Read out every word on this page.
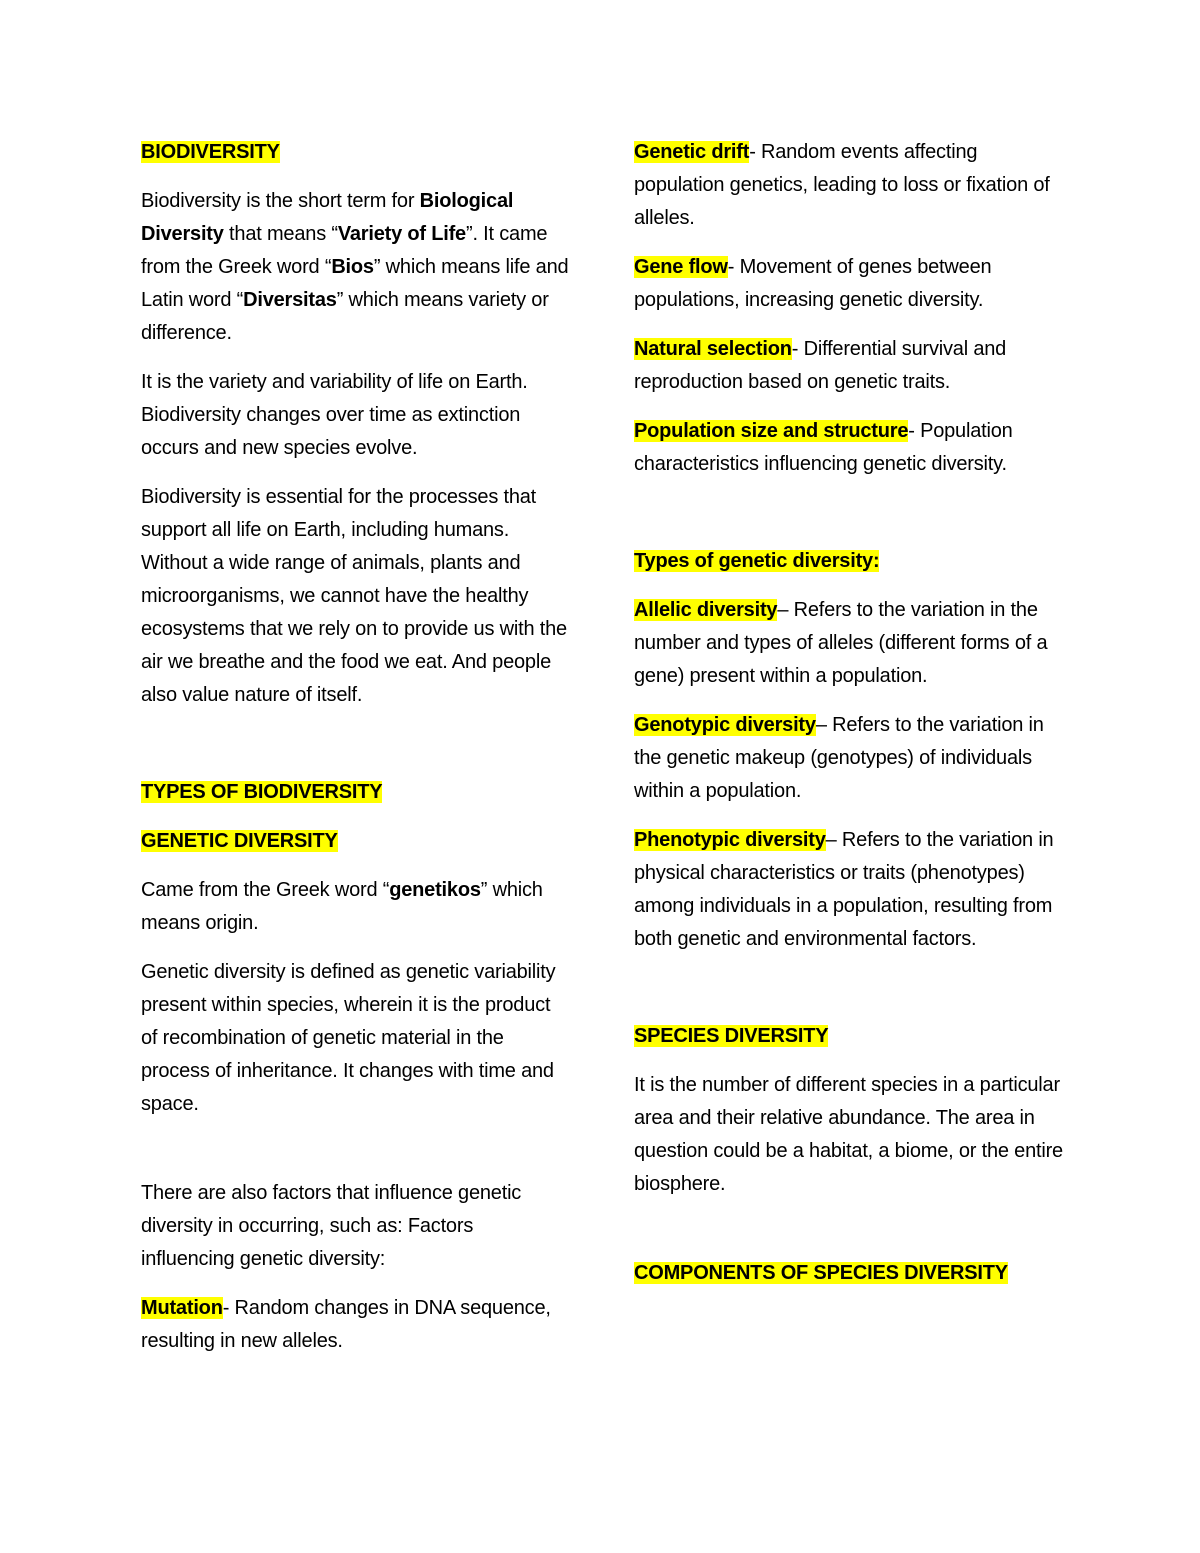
BIODIVERSITY

Biodiversity is the short term for Biological Diversity that means “Variety of Life”. It came from the Greek word “Bios” which means life and Latin word “Diversitas” which means variety or difference.

It is the variety and variability of life on Earth. Biodiversity changes over time as extinction occurs and new species evolve.

Biodiversity is essential for the processes that support all life on Earth, including humans. Without a wide range of animals, plants and microorganisms, we cannot have the healthy ecosystems that we rely on to provide us with the air we breathe and the food we eat. And people also value nature of itself.

TYPES OF BIODIVERSITY

GENETIC DIVERSITY

Came from the Greek word “genetikos” which means origin.

Genetic diversity is defined as genetic variability present within species, wherein it is the product of recombination of genetic material in the process of inheritance. It changes with time and space.

There are also factors that influence genetic diversity in occurring, such as: Factors influencing genetic diversity:

Mutation- Random changes in DNA sequence, resulting in new alleles.

Genetic drift- Random events affecting population genetics, leading to loss or fixation of alleles.

Gene flow- Movement of genes between populations, increasing genetic diversity.

Natural selection- Differential survival and reproduction based on genetic traits.

Population size and structure- Population characteristics influencing genetic diversity.

Types of genetic diversity:

Allelic diversity– Refers to the variation in the number and types of alleles (different forms of a gene) present within a population.

Genotypic diversity– Refers to the variation in the genetic makeup (genotypes) of individuals within a population.

Phenotypic diversity– Refers to the variation in physical characteristics or traits (phenotypes) among individuals in a population, resulting from both genetic and environmental factors.

SPECIES DIVERSITY

It is the number of different species in a particular area and their relative abundance. The area in question could be a habitat, a biome, or the entire biosphere.

COMPONENTS OF SPECIES DIVERSITY
